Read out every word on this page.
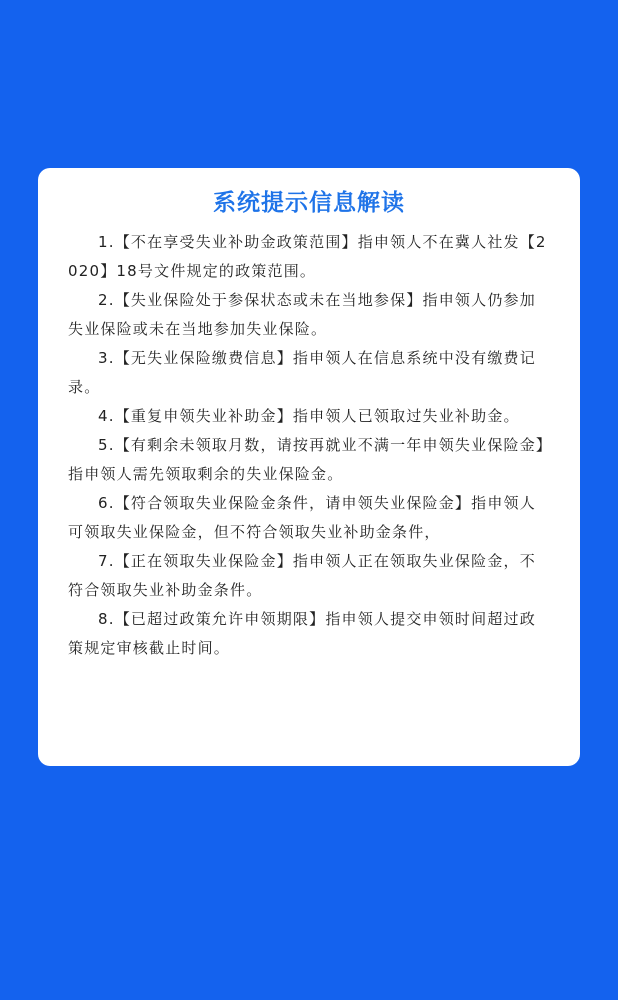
系统提示信息解读

1.【不在享受失业补助金政策范围】指申领人不在冀人社发【2020】18号文件规定的政策范围。

2.【失业保险处于参保状态或未在当地参保】指申领人仍参加失业保险或未在当地参加失业保险。

3.【无失业保险缴费信息】指申领人在信息系统中没有缴费记录。

4.【重复申领失业补助金】指申领人已领取过失业补助金。

5.【有剩余未领取月数，请按再就业不满一年申领失业保险金】指申领人需先领取剩余的失业保险金。

6.【符合领取失业保险金条件，请申领失业保险金】指申领人可领取失业保险金，但不符合领取失业补助金条件，

7.【正在领取失业保险金】指申领人正在领取失业保险金，不符合领取失业补助金条件。

8.【已超过政策允许申领期限】指申领人提交申领时间超过政策规定审核截止时间。
